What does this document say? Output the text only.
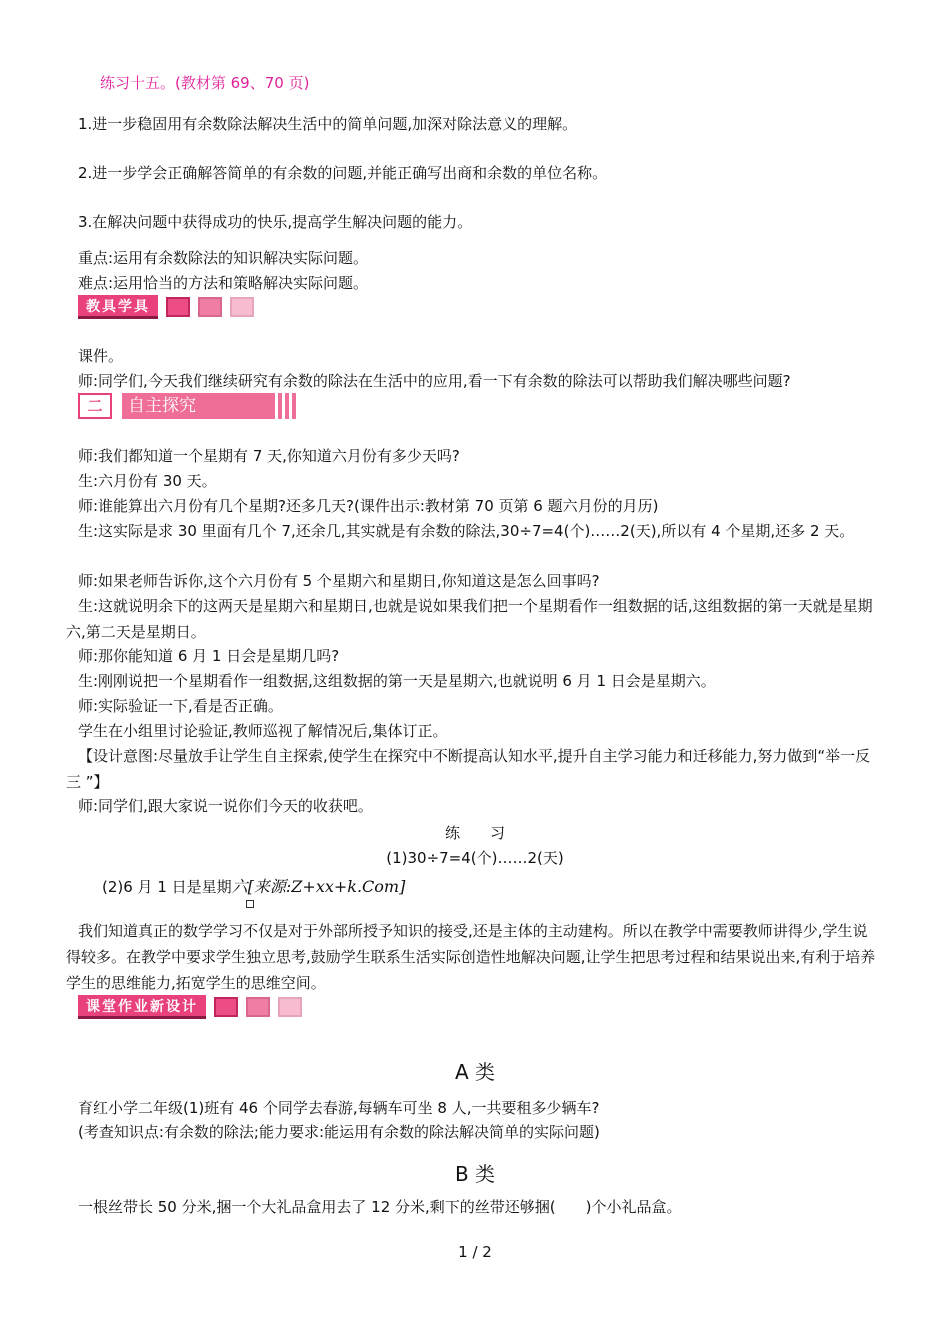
练习十五。(教材第 69、70 页)
1.进一步稳固用有余数除法解决生活中的简单问题,加深对除法意义的理解。
2.进一步学会正确解答简单的有余数的问题,并能正确写出商和余数的单位名称。
3.在解决问题中获得成功的快乐,提高学生解决问题的能力。
重点:运用有余数除法的知识解决实际问题。
难点:运用恰当的方法和策略解决实际问题。
教具学具
课件。
师:同学们,今天我们继续研究有余数的除法在生活中的应用,看一下有余数的除法可以帮助我们解决哪些问题?
二	自主探究
师:我们都知道一个星期有 7 天,你知道六月份有多少天吗?
生:六月份有 30 天。
师:谁能算出六月份有几个星期?还多几天?(课件出示:教材第 70 页第 6 题六月份的月历)
生:这实际是求 30 里面有几个 7,还余几,其实就是有余数的除法,30÷7=4(个)……2(天),所以有 4 个星期,还多 2 天。
师:如果老师告诉你,这个六月份有 5 个星期六和星期日,你知道这是怎么回事吗?
生:这就说明余下的这两天是星期六和星期日,也就是说如果我们把一个星期看作一组数据的话,这组数据的第一天就是星期六,第二天是星期日。
师:那你能知道 6 月 1 日会是星期几吗?
生:刚刚说把一个星期看作一组数据,这组数据的第一天是星期六,也就说明 6 月 1 日会是星期六。
师:实际验证一下,看是否正确。
学生在小组里讨论验证,教师巡视了解情况后,集体订正。
【设计意图:尽量放手让学生自主探索,使学生在探究中不断提高认知水平,提升自主学习能力和迁移能力,努力做到“举一反三 ”】
师:同学们,跟大家说一说你们今天的收获吧。
练　　习
(1)30÷7=4(个)……2(天)
(2)6 月 1 日是星期六[来源:Z+xx+k.Com]
我们知道真正的数学学习不仅是对于外部所授予知识的接受,还是主体的主动建构。所以在教学中需要教师讲得少,学生说得较多。在教学中要求学生独立思考,鼓励学生联系生活实际创造性地解决问题,让学生把思考过程和结果说出来,有利于培养学生的思维能力,拓宽学生的思维空间。
课堂作业新设计
A 类
育红小学二年级(1)班有 46 个同学去春游,每辆车可坐 8 人,一共要租多少辆车?
(考查知识点:有余数的除法;能力要求:能运用有余数的除法解决简单的实际问题)
B 类
一根丝带长 50 分米,捆一个大礼品盒用去了 12 分米,剩下的丝带还够捆(　　)个小礼品盒。
1 / 2
